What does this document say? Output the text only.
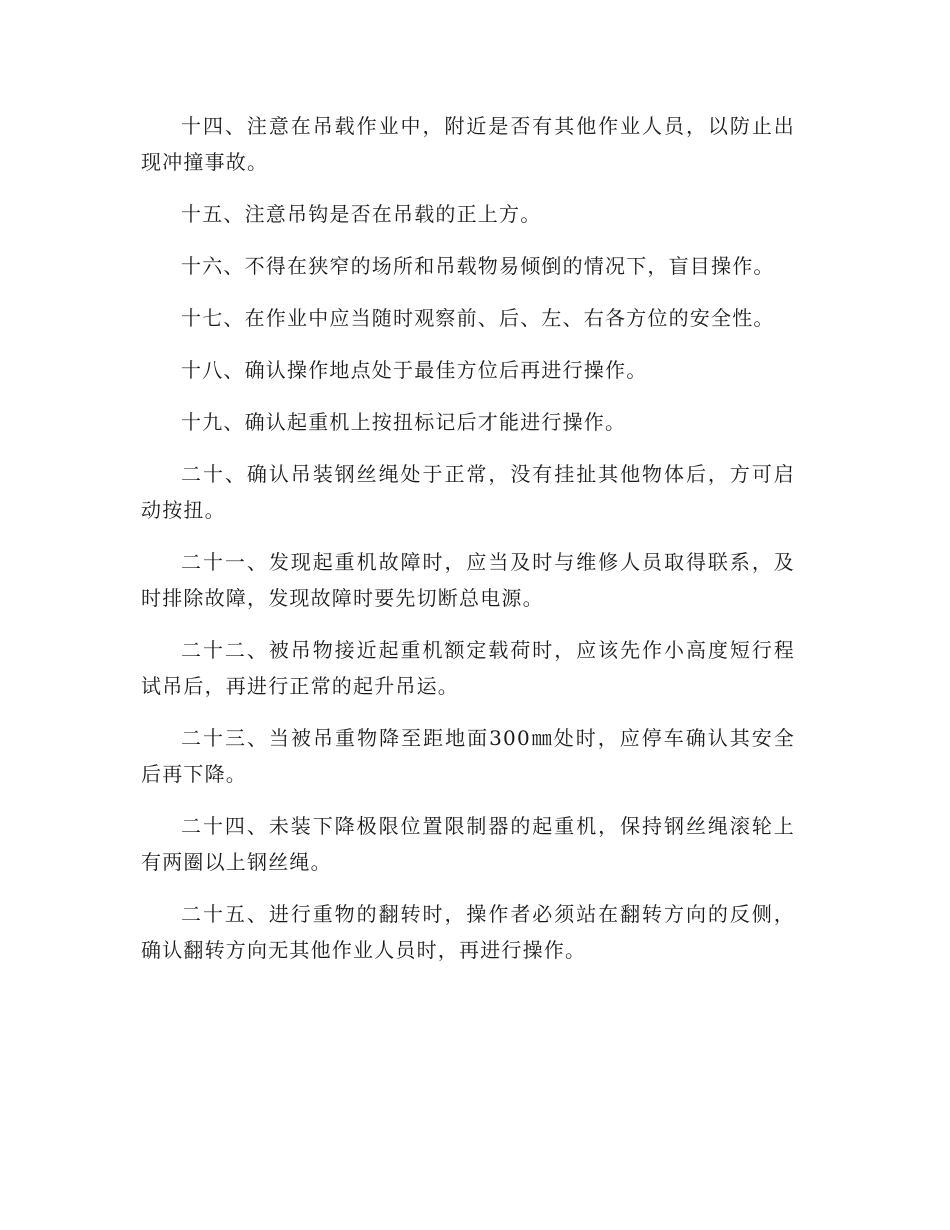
十四、注意在吊载作业中，附近是否有其他作业人员，以防止出现冲撞事故。

十五、注意吊钩是否在吊载的正上方。

十六、不得在狭窄的场所和吊载物易倾倒的情况下，盲目操作。

十七、在作业中应当随时观察前、后、左、右各方位的安全性。

十八、确认操作地点处于最佳方位后再进行操作。

十九、确认起重机上按扭标记后才能进行操作。

二十、确认吊装钢丝绳处于正常，没有挂扯其他物体后，方可启动按扭。

二十一、发现起重机故障时，应当及时与维修人员取得联系，及时排除故障，发现故障时要先切断总电源。

二十二、被吊物接近起重机额定载荷时，应该先作小高度短行程试吊后，再进行正常的起升吊运。

二十三、当被吊重物降至距地面300㎜处时，应停车确认其安全后再下降。

二十四、未装下降极限位置限制器的起重机，保持钢丝绳滚轮上有两圈以上钢丝绳。

二十五、进行重物的翻转时，操作者必须站在翻转方向的反侧，确认翻转方向无其他作业人员时，再进行操作。
